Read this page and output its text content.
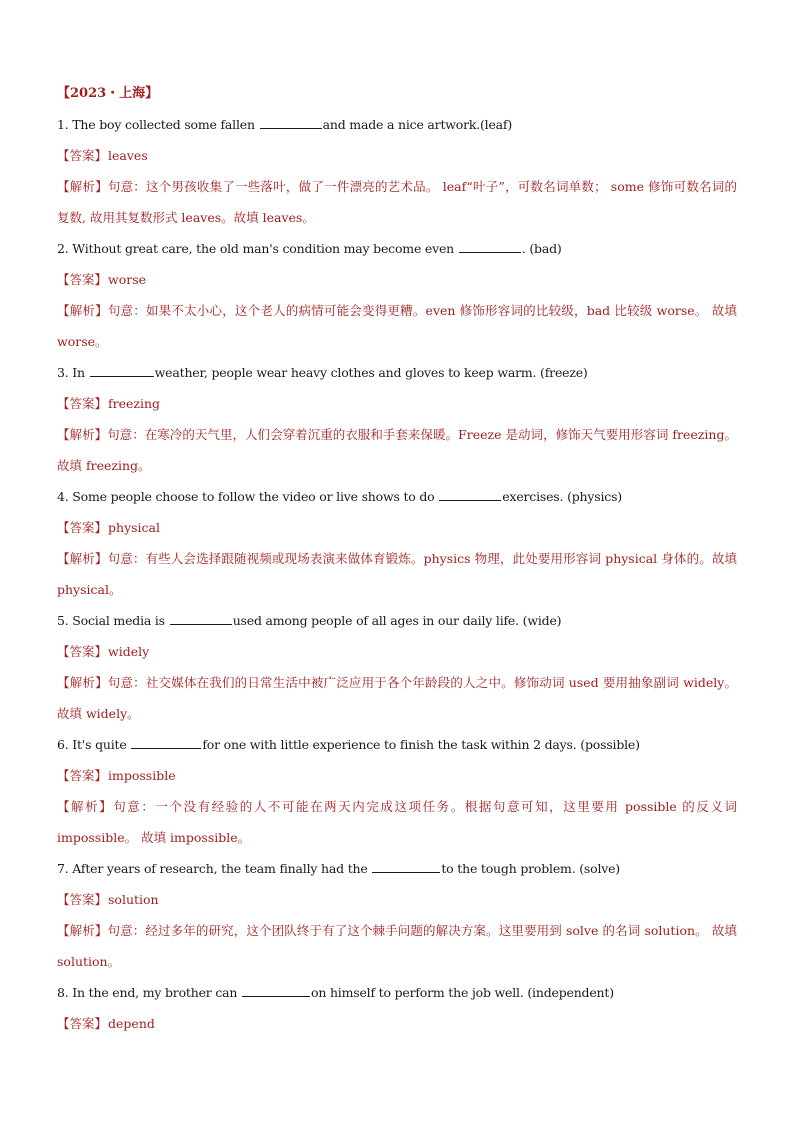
【2023・上海】
1. The boy collected some fallen	and made a nice artwork.(leaf)
【答案】leaves
【解析】句意：这个男孩收集了一些落叶，做了一件漂亮的艺术品。 leaf“叶子”，可数名词单数； some 修饰可数名词的复数, 故用其复数形式 leaves。故填 leaves。
2. Without great care, the old man's condition may become even	. (bad)
【答案】worse
【解析】句意：如果不太小心，这个老人的病情可能会变得更糟。even 修饰形容词的比较级，bad 比较级 worse。 故填 worse。
3. In	weather, people wear heavy clothes and gloves to keep warm. (freeze)
【答案】freezing
【解析】句意：在寒冷的天气里，人们会穿着沉重的衣服和手套来保暖。Freeze 是动词，修饰天气要用形容词 freezing。 故填 freezing。
4. Some people choose to follow the video or live shows to do	exercises. (physics)
【答案】physical
【解析】句意：有些人会选择跟随视频或现场表演来做体育锻炼。physics 物理，此处要用形容词 physical 身体的。故填 physical。
5. Social media is	used among people of all ages in our daily life. (wide)
【答案】widely
【解析】句意：社交媒体在我们的日常生活中被广泛应用于各个年龄段的人之中。修饰动词 used 要用抽象副词 widely。 故填 widely。
6. It's quite	for one with little experience to finish the task within 2 days. (possible)
【答案】impossible
【解析】句意：一个没有经验的人不可能在两天内完成这项任务。根据句意可知，这里要用 possible 的反义词 impossible。 故填 impossible。
7. After years of research, the team finally had the	to the tough problem. (solve)
【答案】solution
【解析】句意：经过多年的研究，这个团队终于有了这个棘手问题的解决方案。这里要用到 solve 的名词 solution。 故填 solution。
8. In the end, my brother can	on himself to perform the job well. (independent)
【答案】depend
